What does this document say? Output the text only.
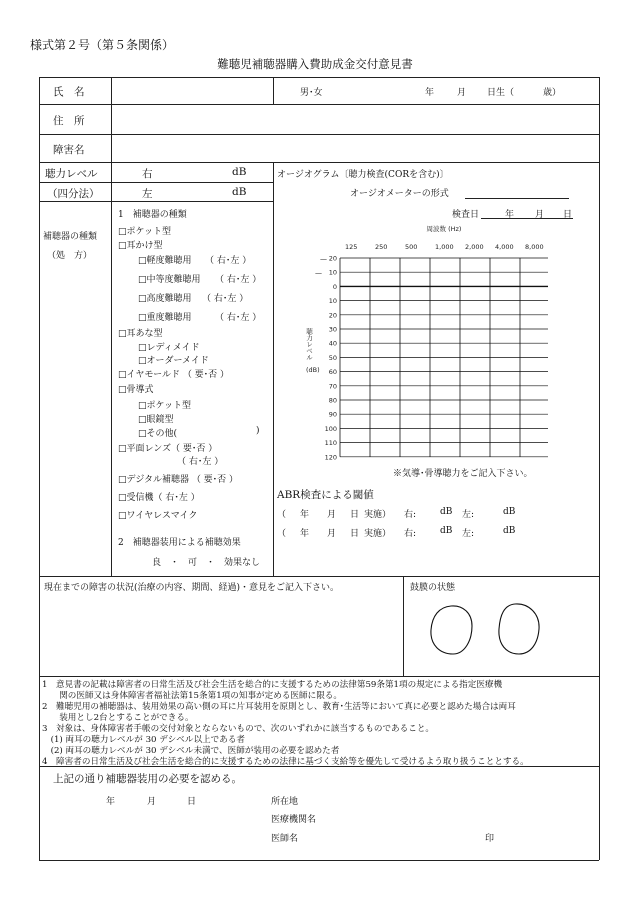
様式第２号（第５条関係）
難聴児補聴器購入費助成金交付意見書
氏　名	男･女	年	月 日生（	歳）
住　所
障害名
聴力レベル
（四分法）
右	dB
左	dB
補聴器の種類
（処　方）
1　補聴器の種類
□ポケット型
□耳かけ型
□軽度難聴用 （ 右･左 ）
□中等度難聴用 （ 右･左 ）
□高度難聴用 （ 右･左 ）
□重度難聴用	（ 右･左 ）
□耳あな型
□レディメイド
□オーダーメイド
□イヤモールド （ 要･否 ）
□骨導式
□ポケット型
□眼鏡型
□その他(	)
□平面レンズ（ 要･否 ）
（ 右･左 ）
□デジタル補聴器 （ 要･否 ）
□受信機（ 右･左 ）
□ワイヤレスマイク
2　補聴器装用による補聴効果
良　・　可　・　効果なし
オージオグラム〔聴力検査(CORを含む)〕
オージオメーターの形式
検査日	年 月 日
周波数 (Hz)
125	250	500	1,000 2,000 4,000 8,000
20
10
0
10
20
30
40
50
60
70
80
90
100
110
120
—
—
聴力レベル
(dB)
※気導･骨導聴力をご記入下さい。
ABR検査による閾値
（ 年 月 日 実施） 右:	dB 左:	dB
（ 年 月 日 実施） 右:	dB 左:	dB
現在までの障害の状況(治療の内容、期間、経過)・意見をご記入下さい。	鼓膜の状態
1　意見書の記載は障害者の日常生活及び社会生活を総合的に支援するための法律第59条第1項の規定による指定医療機
　　関の医師又は身体障害者福祉法第15条第1項の知事が定める医師に限る。
2　難聴児用の補聴器は、装用効果の高い側の耳に片耳装用を原則とし、教育･生活等において真に必要と認めた場合は両耳
　　装用とし2台とすることができる。
3　対象は、身体障害者手帳の交付対象とならないもので、次のいずれかに該当するものであること。
　(1) 両耳の聴力レベルが 30 デシベル以上である者
　(2) 両耳の聴力レベルが 30 デシベル未満で、医師が装用の必要を認めた者
4　障害者の日常生活及び社会生活を総合的に支援するための法律に基づく支給等を優先して受けるよう取り扱うこととする。
上記の通り補聴器装用の必要を認める。
年	月	日	所在地
医療機関名
医師名	印
